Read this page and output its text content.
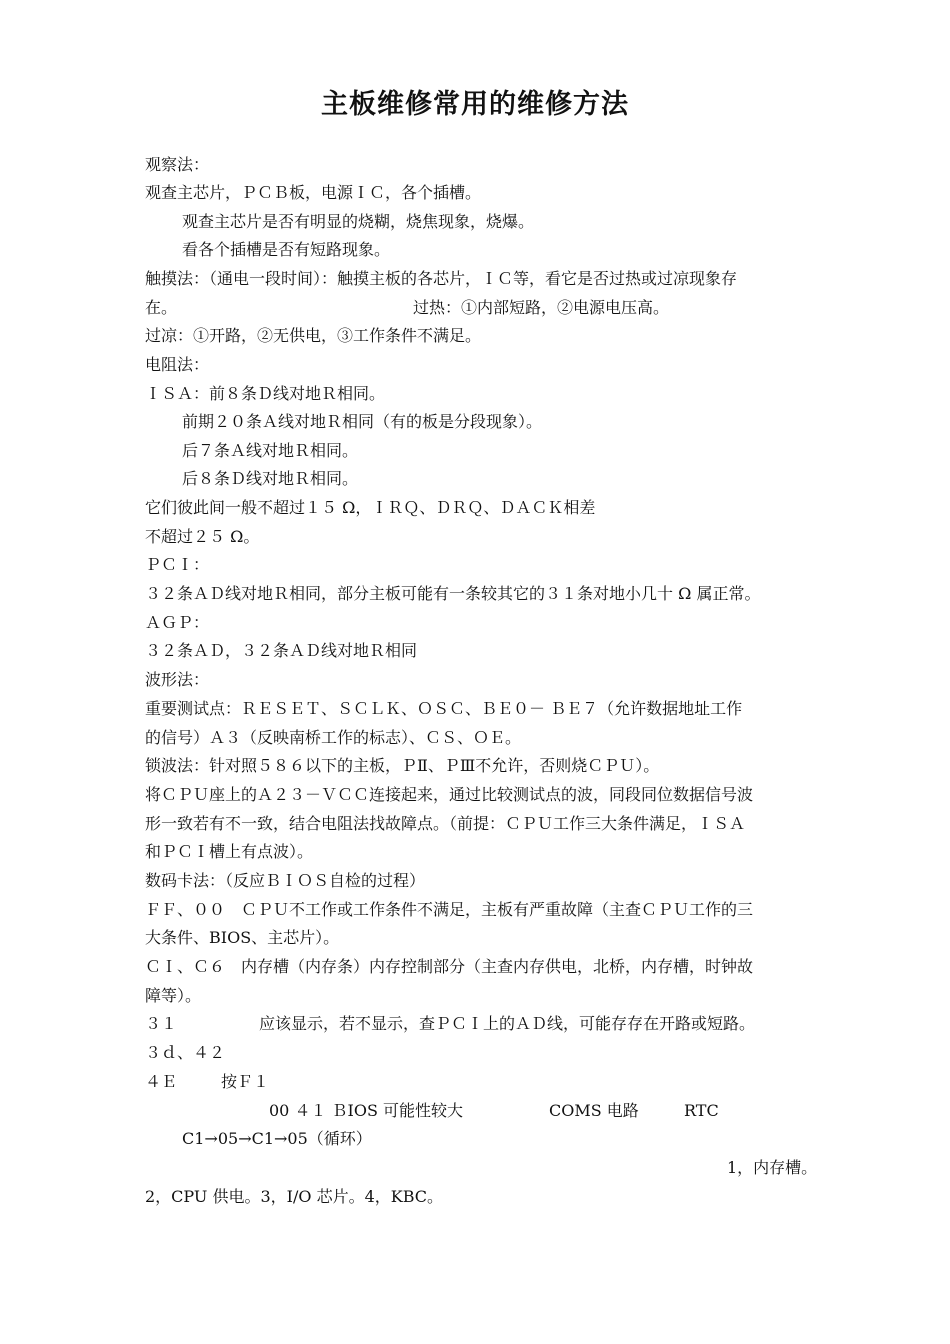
主板维修常用的维修方法
观察法：
观查主芯片，ＰＣＢ板，电源ＩＣ，各个插槽。
观查主芯片是否有明显的烧糊，烧焦现象，烧爆。
看各个插槽是否有短路现象。
触摸法：（通电一段时间）：触摸主板的各芯片，ＩＣ等，看它是否过热或过凉现象存
在。	过热：①内部短路，②电源电压高。
过凉：①开路，②无供电，③工作条件不满足。
电阻法：
ＩＳＡ：前８条Ｄ线对地Ｒ相同。
前期２０条Ａ线对地Ｒ相同（有的板是分段现象）。
后７条Ａ线对地Ｒ相同。
后８条Ｄ线对地Ｒ相同。
它们彼此间一般不超过１５ Ω，ＩＲＱ、ＤＲＱ、ＤＡＣＫ相差
不超过２５ Ω。
ＰＣＩ：
３２条ＡＤ线对地Ｒ相同，部分主板可能有一条较其它的３１条对地小几十 Ω 属正常。
ＡＧＰ：
３２条ＡＤ，３２条ＡＤ线对地Ｒ相同
波形法：
重要测试点：ＲＥＳＥＴ、ＳＣＬＫ、ＯＳＣ、ＢＥ０－ ＢＥ７（允许数据地址工作
的信号）Ａ３（反映南桥工作的标志）、ＣＳ、ＯＥ。
锁波法：针对照５８６以下的主板，ＰⅡ、ＰⅢ不允许，否则烧ＣＰＵ）。
将ＣＰＵ座上的Ａ２３－ＶＣＣ连接起来，通过比较测试点的波，同段同位数据信号波
形一致若有不一致，结合电阻法找故障点。（前提：ＣＰＵ工作三大条件满足，ＩＳＡ
和ＰＣＩ槽上有点波）。
数码卡法：（反应ＢＩＯＳ自检的过程）
ＦＦ、００　ＣＰＵ不工作或工作条件不满足，主板有严重故障（主查ＣＰＵ工作的三
大条件、BIOS、主芯片）。
ＣＩ、Ｃ６　内存槽（内存条）内存控制部分（主查内存供电，北桥，内存槽，时钟故
障等）。
３１	应该显示，若不显示，查ＰＣＩ上的ＡＤ线，可能存存在开路或短路。
３ｄ、４２
４Ｅ	按Ｆ１
00 ４１ ＢIOS 可能性较大	COMS 电路	RTC
C1→05→C1→05（循环）
1，内存槽。
2，CPU 供电。3，I/O 芯片。4，KBC。
